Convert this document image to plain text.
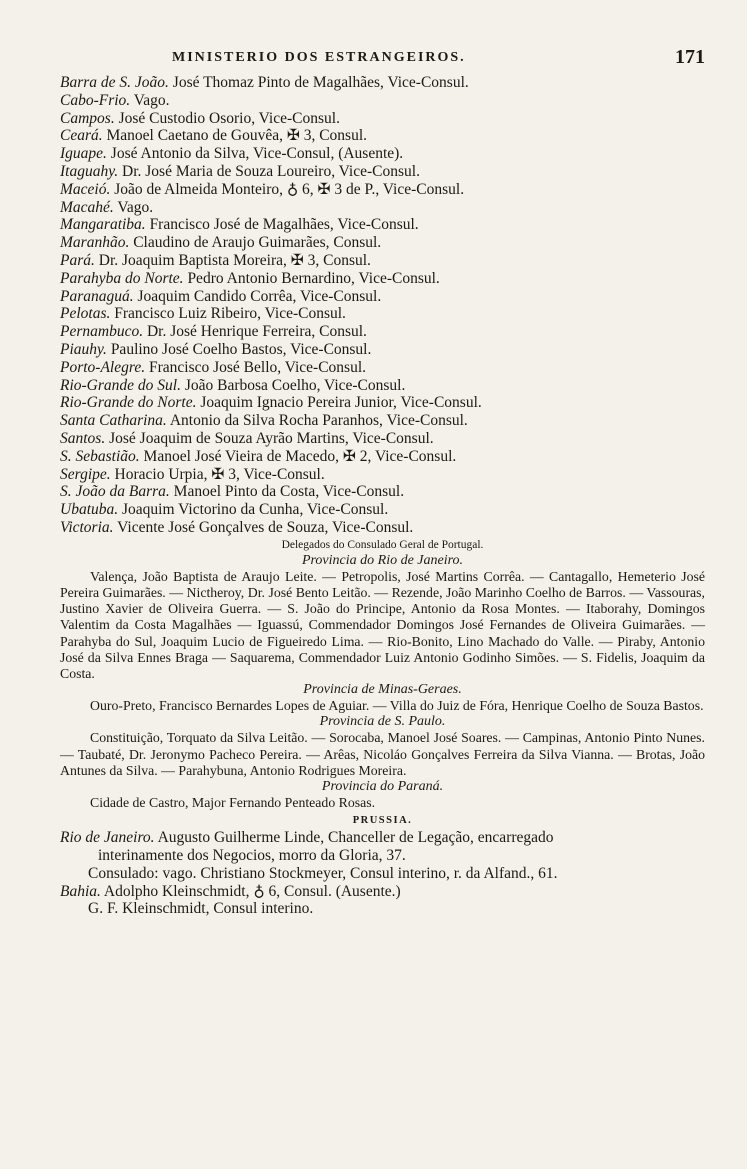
MINISTERIO DOS ESTRANGEIROS.	171
Barra de S. João. José Thomaz Pinto de Magalhães, Vice-Consul.
Cabo-Frio. Vago.
Campos. José Custodio Osorio, Vice-Consul.
Ceará. Manoel Caetano de Gouvêa, ✠ 3, Consul.
Iguape. José Antonio da Silva, Vice-Consul, (Ausente).
Itaguahy. Dr. José Maria de Souza Loureiro, Vice-Consul.
Maceió. João de Almeida Monteiro, ♁ 6, ✠ 3 de P., Vice-Consul.
Macahé. Vago.
Mangaratiba. Francisco José de Magalhães, Vice-Consul.
Maranhão. Claudino de Araujo Guimarães, Consul.
Pará. Dr. Joaquim Baptista Moreira, ✠ 3, Consul.
Parahyba do Norte. Pedro Antonio Bernardino, Vice-Consul.
Paranaguá. Joaquim Candido Corrêa, Vice-Consul.
Pelotas. Francisco Luiz Ribeiro, Vice-Consul.
Pernambuco. Dr. José Henrique Ferreira, Consul.
Piauhy. Paulino José Coelho Bastos, Vice-Consul.
Porto-Alegre. Francisco José Bello, Vice-Consul.
Rio-Grande do Sul. João Barbosa Coelho, Vice-Consul.
Rio-Grande do Norte. Joaquim Ignacio Pereira Junior, Vice-Consul.
Santa Catharina. Antonio da Silva Rocha Paranhos, Vice-Consul.
Santos. José Joaquim de Souza Ayrão Martins, Vice-Consul.
S. Sebastião. Manoel José Vieira de Macedo, ✠ 2, Vice-Consul.
Sergipe. Horacio Urpia, ✠ 3, Vice-Consul.
S. João da Barra. Manoel Pinto da Costa, Vice-Consul.
Ubatuba. Joaquim Victorino da Cunha, Vice-Consul.
Victoria. Vicente José Gonçalves de Souza, Vice-Consul.
Delegados do Consulado Geral de Portugal.
Provincia do Rio de Janeiro.
Valença, João Baptista de Araujo Leite. — Petropolis, José Martins Corrêa. — Cantagallo, Hemeterio José Pereira Guimarães. — Nictheroy, Dr. José Bento Leitão. — Rezende, João Marinho Coelho de Barros. — Vassouras, Justino Xavier de Oliveira Guerra. — S. João do Principe, Antonio da Rosa Montes. — Itaborahy, Domingos Valentim da Costa Magalhães — Iguassú, Commendador Domingos José Fernandes de Oliveira Guimarães. — Parahyba do Sul, Joaquim Lucio de Figueiredo Lima. — Rio-Bonito, Lino Machado do Valle. — Piraby, Antonio José da Silva Ennes Braga — Saquarema, Commendador Luiz Antonio Godinho Simões. — S. Fidelis, Joaquim da Costa.
Provincia de Minas-Geraes.
Ouro-Preto, Francisco Bernardes Lopes de Aguiar. — Villa do Juiz de Fóra, Henrique Coelho de Souza Bastos.
Provincia de S. Paulo.
Constituição, Torquato da Silva Leitão. — Sorocaba, Manoel José Soares. — Campinas, Antonio Pinto Nunes. — Taubaté, Dr. Jeronymo Pacheco Pereira. — Arêas, Nicoláo Gonçalves Ferreira da Silva Vianna. — Brotas, João Antunes da Silva. — Parahybuna, Antonio Rodrigues Moreira.
Provincia do Paraná.
Cidade de Castro, Major Fernando Penteado Rosas.
PRUSSIA.
Rio de Janeiro. Augusto Guilherme Linde, Chanceller de Legação, encarregado
interinamente dos Negocios, morro da Gloria, 37.
Consulado: vago. Christiano Stockmeyer, Consul interino, r. da Alfand., 61.
Bahia. Adolpho Kleinschmidt, ♁ 6, Consul. (Ausente.)
G. F. Kleinschmidt, Consul interino.
